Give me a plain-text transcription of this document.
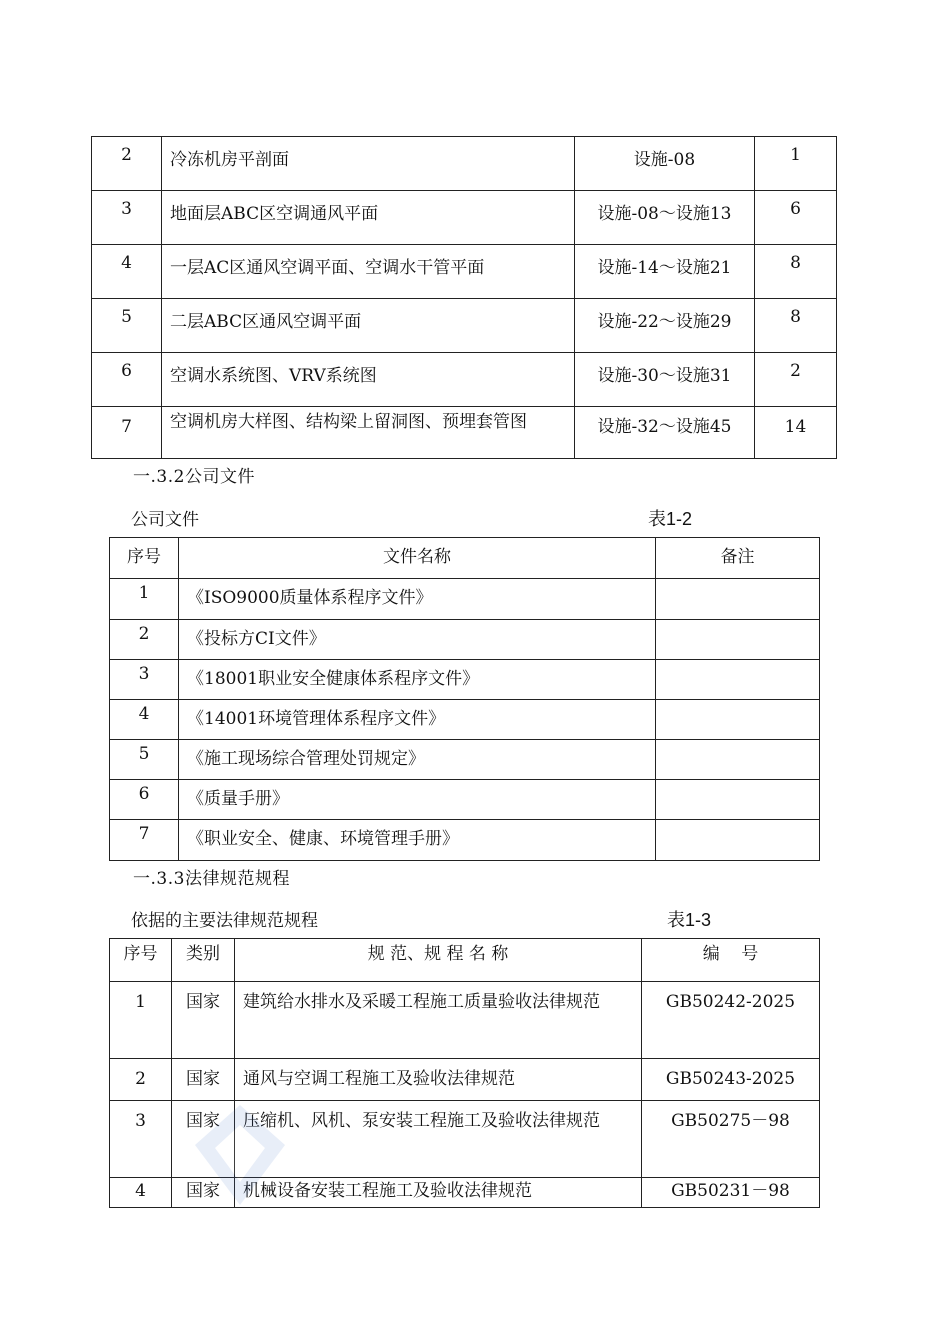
2	冷冻机房平剖面	设施-08	1
3	地面层ABC区空调通风平面	设施-08～设施13	6
4	一层AC区通风空调平面、空调水干管平面	设施-14～设施21	8
5	二层ABC区通风空调平面	设施-22～设施29	8
6	空调水系统图、VRV系统图	设施-30～设施31	2
7	空调机房大样图、结构梁上留洞图、预埋套管图	设施-32～设施45	14
一.3.2公司文件
公司文件	表1-2
序号	文件名称	备注
1	《ISO9000质量体系程序文件》	
2	《投标方CI文件》	
3	《18001职业安全健康体系程序文件》	
4	《14001环境管理体系程序文件》	
5	《施工现场综合管理处罚规定》	
6	《质量手册》	
7	《职业安全、健康、环境管理手册》	
一.3.3法律规范规程
依据的主要法律规范规程	表1-3
序号	类别	规 范、规 程 名 称	编    号
1	国家	建筑给水排水及采暖工程施工质量验收法律规范	GB50242-2025
2	国家	通风与空调工程施工及验收法律规范	GB50243-2025
3	国家	压缩机、风机、泵安装工程施工及验收法律规范	GB50275－98
4	国家	机械设备安装工程施工及验收法律规范	GB50231－98
